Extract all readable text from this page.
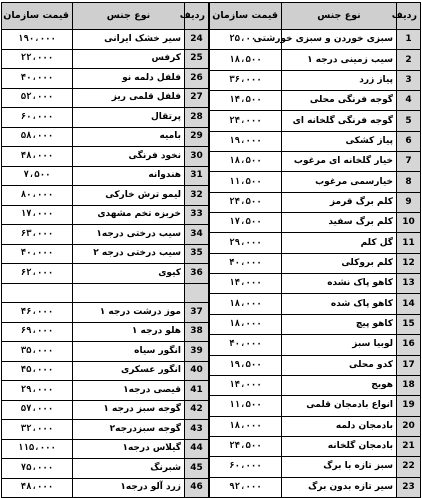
ردیف	نوع جنس	قیمت سازمان
1	سبزی خوردن و سبزی خورشتی	۲۵،۰۰۰
2	سیب زمینی درجه ۱	۱۸،۵۰۰
3	پیاز زرد	۳۶،۰۰۰
4	گوجه فرنگی محلی	۱۴،۵۰۰
5	گوجه فرنگی گلخانه ای	۲۴،۰۰۰
6	پیاز کشکی	۱۹،۰۰۰
7	خیار گلخانه ای مرغوب	۱۸،۵۰۰
8	خیارسمی مرغوب	۱۱،۵۰۰
9	کلم برگ قرمز	۲۴،۵۰۰
10	کلم برگ سفید	۱۷،۵۰۰
11	گل کلم	۲۹،۰۰۰
12	کلم بروکلی	۴۰،۰۰۰
13	کاهو پاک نشده	۱۴،۰۰۰
14	کاهو پاک شده	۱۸،۰۰۰
15	کاهو پیچ	۱۸،۰۰۰
16	لوبیا سبز	۴۰،۰۰۰
17	کدو محلی	۱۹،۵۰۰
18	هویج	۱۴،۰۰۰
19	انواع بادمجان قلمی	۱۱،۵۰۰
20	بادمجان دلمه	۱۸،۰۰۰
21	بادمجان گلخانه	۲۴،۵۰۰
22	سبز تازه با برگ	۶۰،۰۰۰
23	سیر تازه بدون برگ	۹۲،۰۰۰
ردیف	نوع جنس	قیمت سازمان
24	سیر خشک ایرانی	۱۹۰،۰۰۰
25	کرفس	۲۲،۰۰۰
26	فلفل دلمه نو	۴۰،۰۰۰
27	فلفل قلمی ریز	۵۲،۰۰۰
28	پرتقال	۶۰،۰۰۰
29	بامیه	۵۸،۰۰۰
30	نخود فرنگی	۴۸،۰۰۰
31	هندوانه	۷،۵۰۰
32	لیمو ترش خارکی	۸۰،۰۰۰
33	خربزه تخم مشهدی	۱۷،۰۰۰
34	سیب درختی درجه۱	۶۳،۰۰۰
35	سیب درختی درجه ۲	۴۰،۰۰۰
36	کیوی	۶۲،۰۰۰

37	موز درشت درجه ۱	۴۶،۰۰۰
38	هلو درجه ۱	۶۹،۰۰۰
39	انگور سیاه	۳۵،۰۰۰
40	انگور عسکری	۴۵،۰۰۰
41	قیصی درجه۱	۲۹،۰۰۰
42	گوجه سبز درجه ۱	۵۷،۰۰۰
43	گوجه سبزدرجه۲	۳۲،۰۰۰
44	گیلاس درجه۱	۱۱۵،۰۰۰
45	شبرنگ	۷۵،۰۰۰
46	زرد آلو درجه۱	۴۸،۰۰۰
